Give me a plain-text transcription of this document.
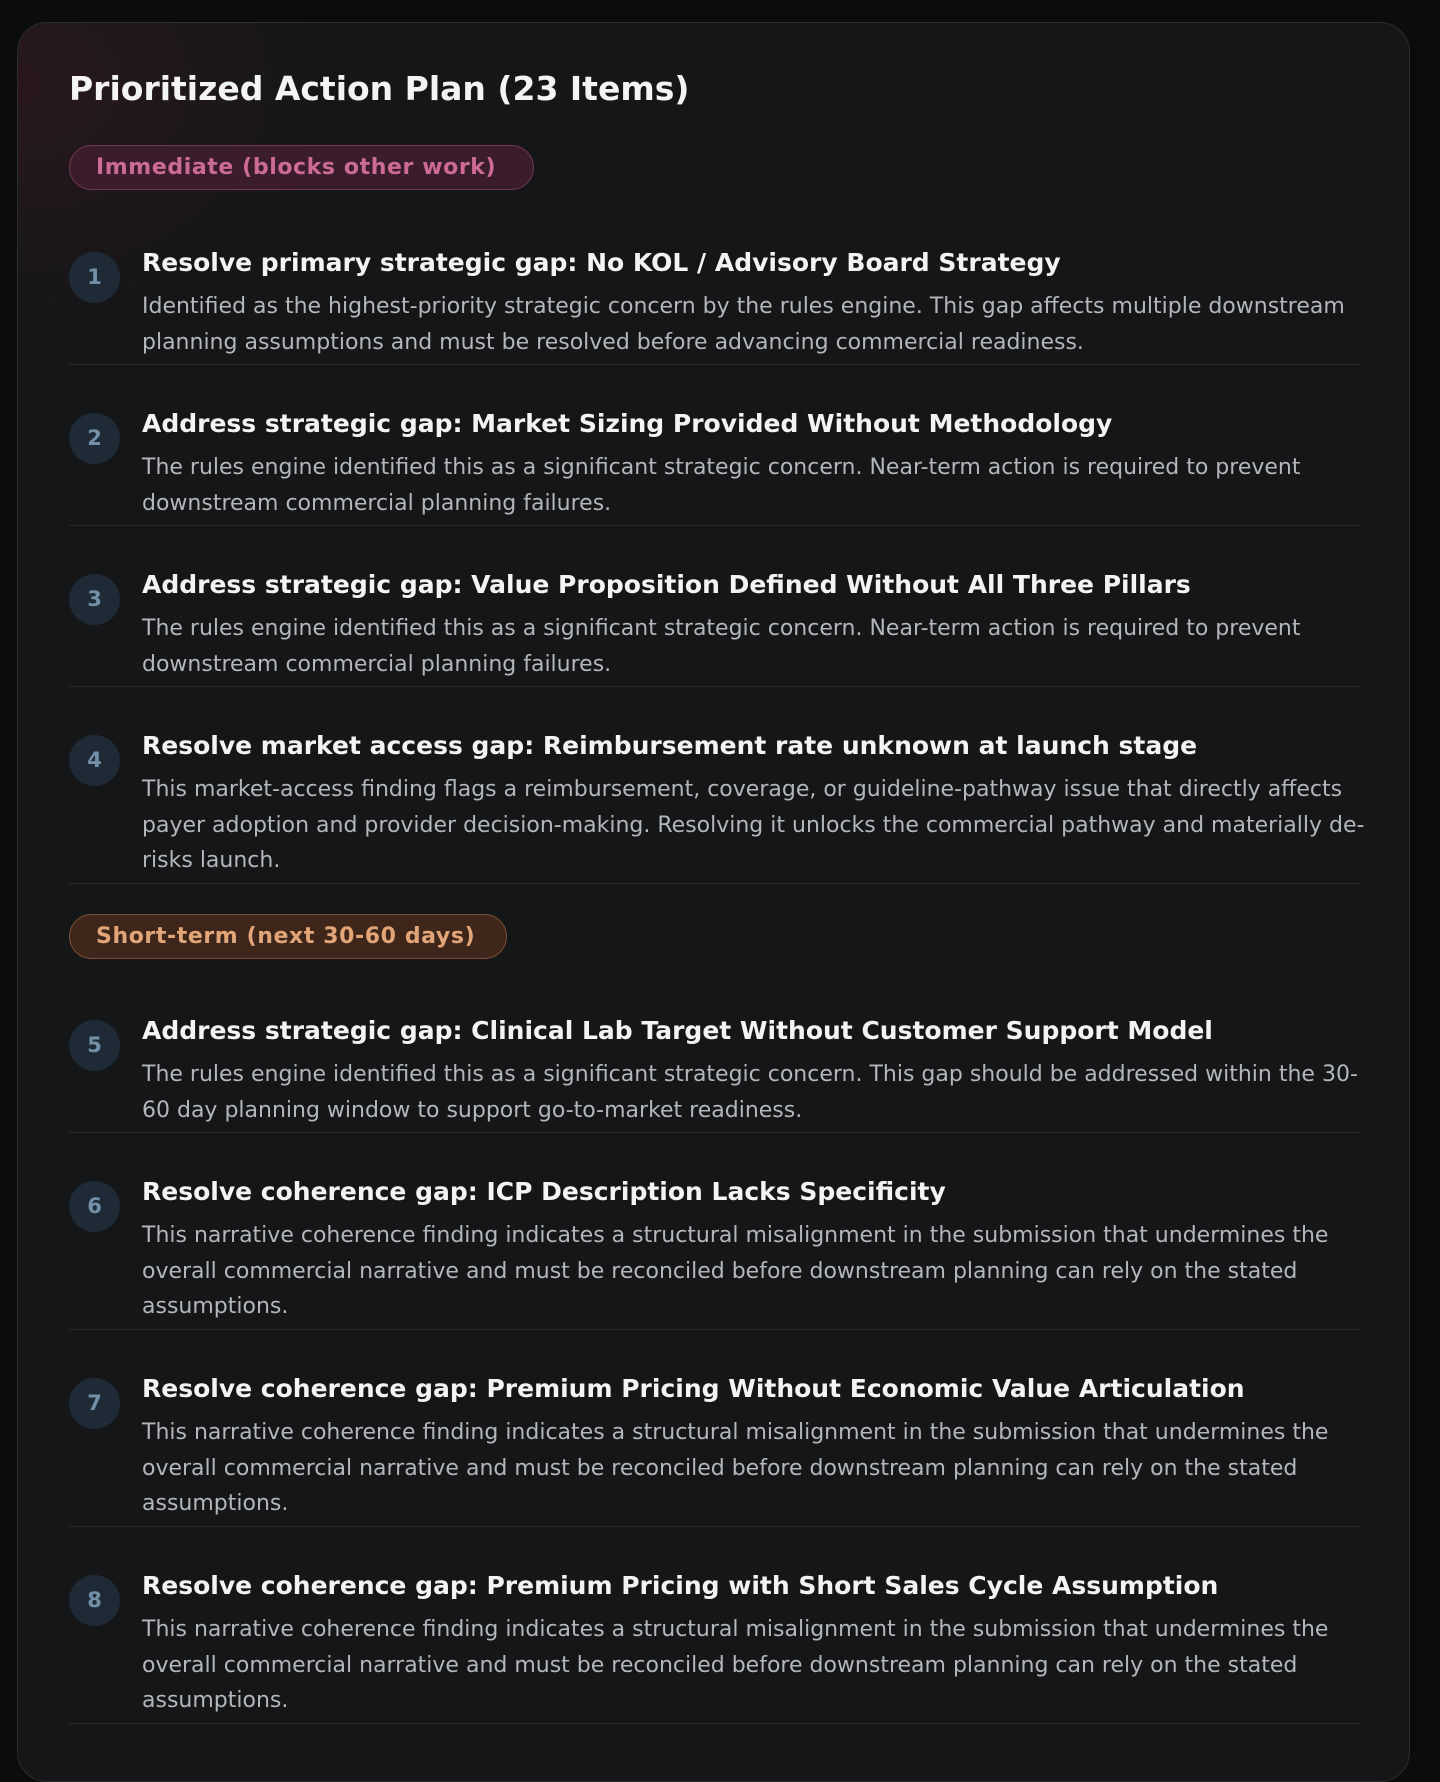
Prioritized Action Plan (23 Items)
Immediate (blocks other work)
1	Resolve primary strategic gap: No KOL / Advisory Board Strategy

Identified as the highest-priority strategic concern by the rules engine. This gap affects multiple downstream planning assumptions and must be resolved before advancing commercial readiness.

2	Address strategic gap: Market Sizing Provided Without Methodology

The rules engine identified this as a significant strategic concern. Near-term action is required to prevent downstream commercial planning failures.

3	Address strategic gap: Value Proposition Defined Without All Three Pillars

The rules engine identified this as a significant strategic concern. Near-term action is required to prevent downstream commercial planning failures.

4	Resolve market access gap: Reimbursement rate unknown at launch stage

This market-access finding flags a reimbursement, coverage, or guideline-pathway issue that directly affects payer adoption and provider decision-making. Resolving it unlocks the commercial pathway and materially de-risks launch.

Short-term (next 30-60 days)
5	Address strategic gap: Clinical Lab Target Without Customer Support Model

The rules engine identified this as a significant strategic concern. This gap should be addressed within the 30-60 day planning window to support go-to-market readiness.

6	Resolve coherence gap: ICP Description Lacks Specificity

This narrative coherence finding indicates a structural misalignment in the submission that undermines the overall commercial narrative and must be reconciled before downstream planning can rely on the stated assumptions.

7	Resolve coherence gap: Premium Pricing Without Economic Value Articulation

This narrative coherence finding indicates a structural misalignment in the submission that undermines the overall commercial narrative and must be reconciled before downstream planning can rely on the stated assumptions.

8	Resolve coherence gap: Premium Pricing with Short Sales Cycle Assumption

This narrative coherence finding indicates a structural misalignment in the submission that undermines the overall commercial narrative and must be reconciled before downstream planning can rely on the stated assumptions.
